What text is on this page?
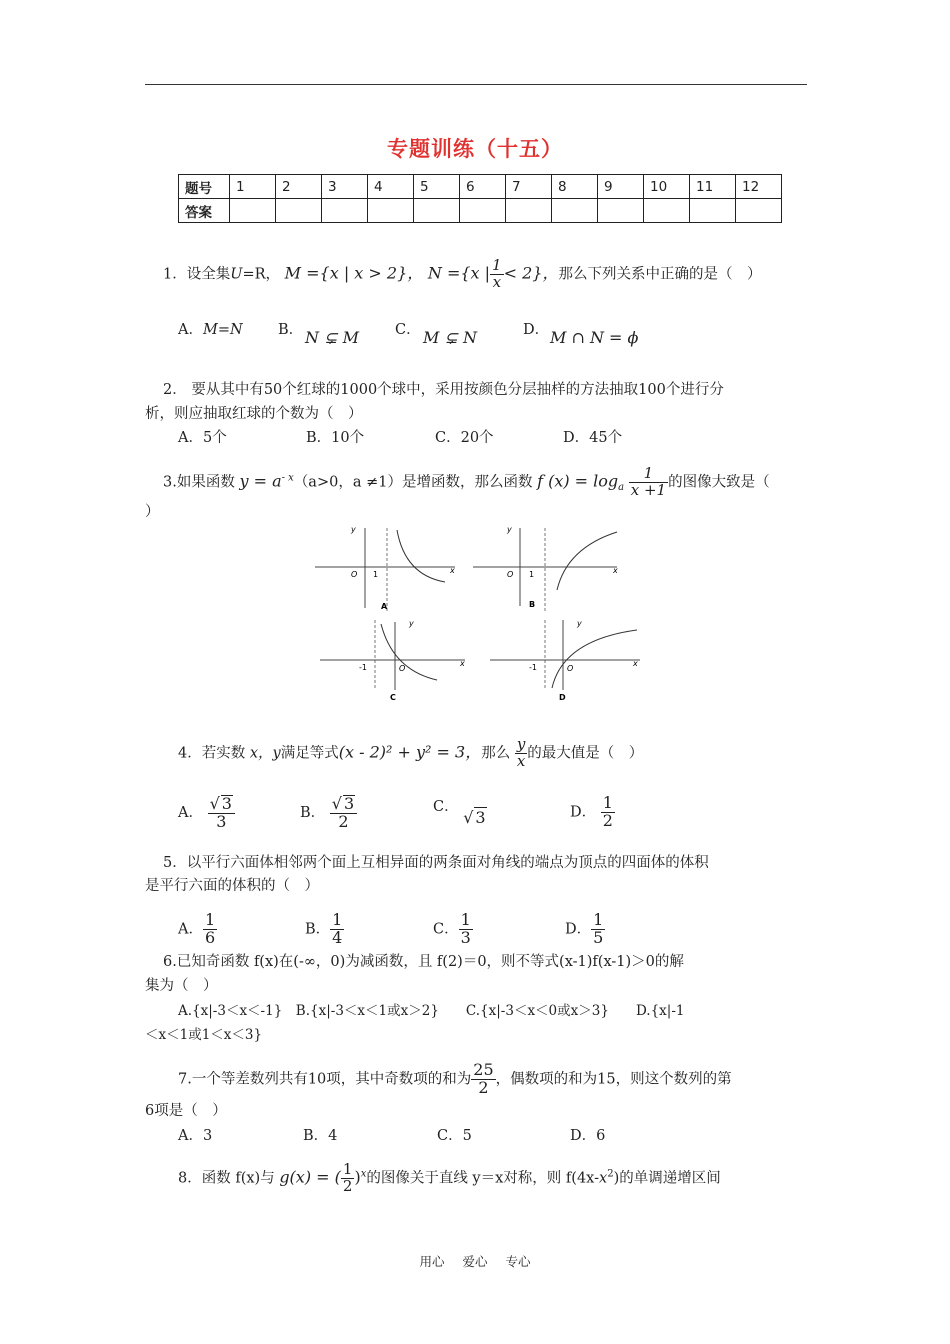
专题训练（十五）
题号	1	2	3	4	5	6	7	8	9	10	11	12
答案												
1．设全集U=R， M ={x | x > 2}， N ={x | $\frac{1}{x} < 2$}，那么下列关系中正确的是（　）
A．M=N B． N ⊊ M C． M ⊊ N	D． M ∩ N = ϕ
2． 要从其中有50个红球的1000个球中，采用按颜色分层抽样的方法抽取100个进行分
析，则应抽取红球的个数为（　）
A．5个	B．10个	C．20个	D．45个
3.如果函数 $y = a^{- x}(a>0$，a ≠1）是增函数，那么函数 f $(x) = \log_a \frac{1}{x +1}$ 的图像大致是（
）
y
O 1	x
A
y
O 1	x
B
y
O
-1	x
C
y
O
-1	x
D
4．若实数 x，y满足等式(x - 2)² + y² = 3，那么 $\frac{y}{x}$ 的最大值是（　）
A． $\frac{√ 3}{3}$	B． $\frac{√ 3}{2}$	C． √ 3	D． $\frac{1}{2}$
5．以平行六面体相邻两个面上互相异面的两条面对角线的端点为顶点的四面体的体积
是平行六面的体积的（　）
A． $\frac{1}{6}$	B． $\frac{1}{4}$	C． $\frac{1}{3}$	D． $\frac{1}{5}$
6.已知奇函数 f(x)在(-∞，0)为减函数，且 f(2)＝0，则不等式(x-1)f(x-1)＞0的解
集为（　）
A.{x|-3＜x＜-1}　B.{x|-3＜x＜1或x＞2}　　C.{x|-3＜x＜0或x＞3}　　D.{x|-1
＜x＜1或1＜x＜3}
7.一个等差数列共有10项，其中奇数项的和为 $\frac{25}{2}$ ，偶数项的和为15，则这个数列的第
6项是（　）
A．3	B．4	C．5	D．6
8．函数 f(x)与 g(x) = ( $\frac{1}{2} )^x$的图像关于直线 y＝x对称，则 $f(4x-x^2)$的单调递增区间
用心 爱心 专心
